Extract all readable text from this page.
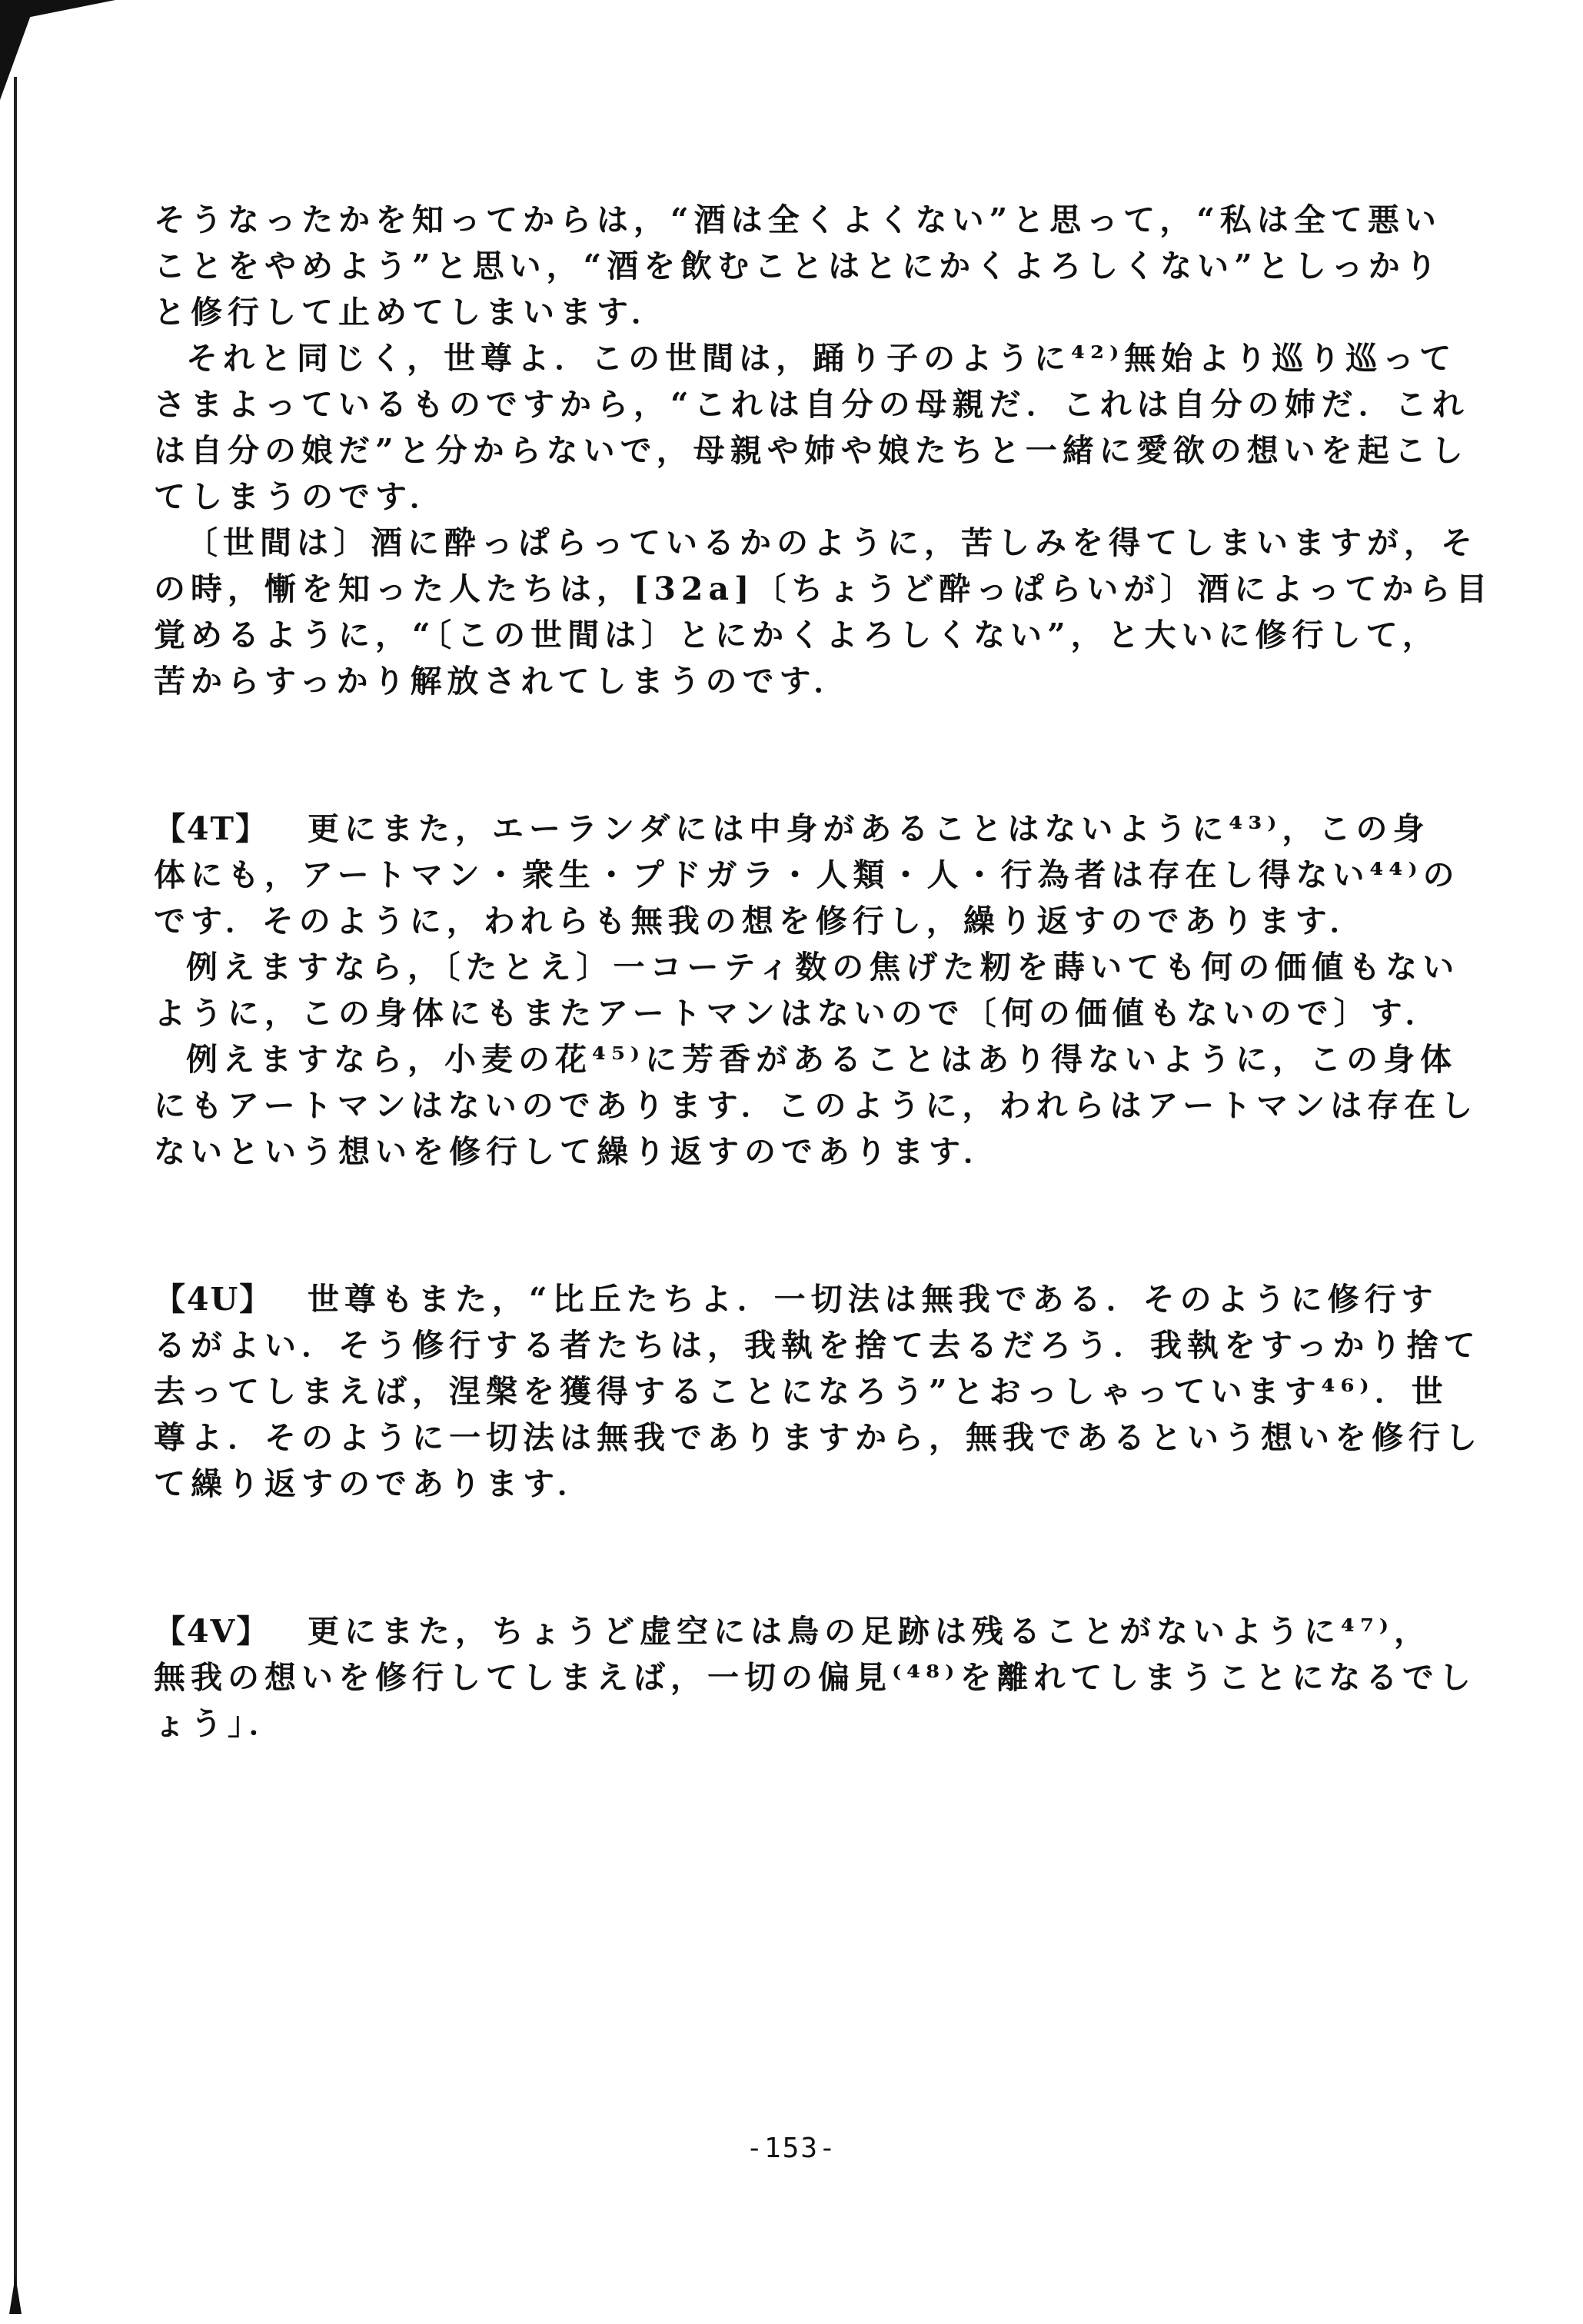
そうなったかを知ってからは，“酒は全くよくない”と思って，“私は全て悪い

ことをやめよう”と思い，“酒を飲むことはとにかくよろしくない”としっかり

と修行して止めてしまいます．

それと同じく，世尊よ．この世間は，踊り子のように⁴²⁾無始より巡り巡って

さまよっているものですから，“これは自分の母親だ．これは自分の姉だ．これ

は自分の娘だ”と分からないで，母親や姉や娘たちと一緒に愛欲の想いを起こし

てしまうのです．

〔世間は〕酒に酔っぱらっているかのように，苦しみを得てしまいますが，そ

の時，慚を知った人たちは，[32a]〔ちょうど酔っぱらいが〕酒によってから目

覚めるように，“〔この世間は〕とにかくよろしくない”，と大いに修行して，

苦からすっかり解放されてしまうのです．

【4T】 更にまた，エーランダには中身があることはないように⁴³⁾，この身

体にも，アートマン・衆生・プドガラ・人類・人・行為者は存在し得ない⁴⁴⁾の

です．そのように，われらも無我の想を修行し，繰り返すのであります．

例えますなら，〔たとえ〕一コーティ数の焦げた籾を蒔いても何の価値もない

ように，この身体にもまたアートマンはないので〔何の価値もないので〕す．

例えますなら，小麦の花⁴⁵⁾に芳香があることはあり得ないように，この身体

にもアートマンはないのであります．このように，われらはアートマンは存在し

ないという想いを修行して繰り返すのであります．

【4U】 世尊もまた，“比丘たちよ．一切法は無我である．そのように修行す

るがよい．そう修行する者たちは，我執を捨て去るだろう．我執をすっかり捨て

去ってしまえば，涅槃を獲得することになろう”とおっしゃっています⁴⁶⁾．世

尊よ．そのように一切法は無我でありますから，無我であるという想いを修行し

て繰り返すのであります．

【4V】 更にまた，ちょうど虚空には鳥の足跡は残ることがないように⁴⁷⁾，

無我の想いを修行してしまえば，一切の偏見⁽⁴⁸⁾を離れてしまうことになるでし

ょう」．

-153-
